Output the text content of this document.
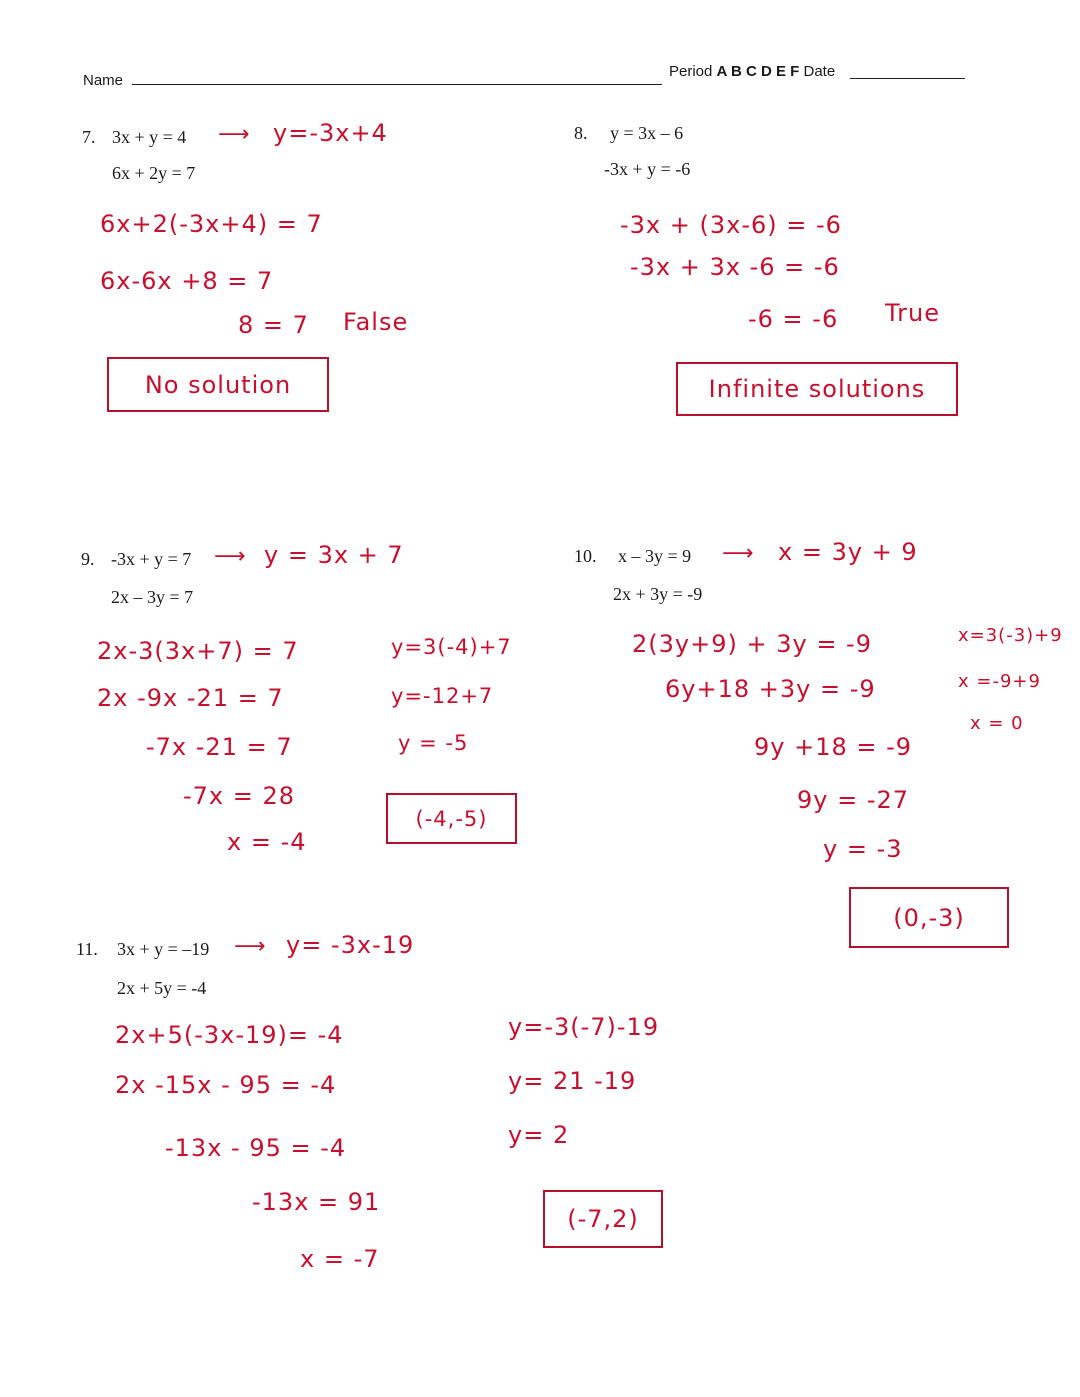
Name
Period A B C D E F Date
7. 3x + y = 4 ⟶ y=-3x+4
6x + 2y = 7
6x+2(-3x+4) = 7
6x-6x +8 = 7
8 = 7 False
No solution
8. y = 3x – 6
-3x + y = -6
-3x + (3x-6) = -6
-3x + 3x -6 = -6
-6 = -6 True
Infinite solutions
9. -3x + y = 7 ⟶ y = 3x + 7
2x – 3y = 7
2x-3(3x+7) = 7
2x -9x -21 = 7
-7x -21 = 7
-7x = 28
x = -4
y=3(-4)+7
y=-12+7
y = -5
(-4,-5)
10. x – 3y = 9 ⟶ x = 3y + 9
2x + 3y = -9
2(3y+9) + 3y = -9
6y+18 +3y = -9
9y +18 = -9
9y = -27
y = -3
x=3(-3)+9
x =-9+9
x = 0
(0,-3)
11. 3x + y = –19 ⟶ y= -3x-19
2x + 5y = -4
2x+5(-3x-19)= -4
2x -15x - 95 = -4
-13x - 95 = -4
-13x = 91
x = -7
y=-3(-7)-19
y= 21 -19
y= 2
(-7,2)
